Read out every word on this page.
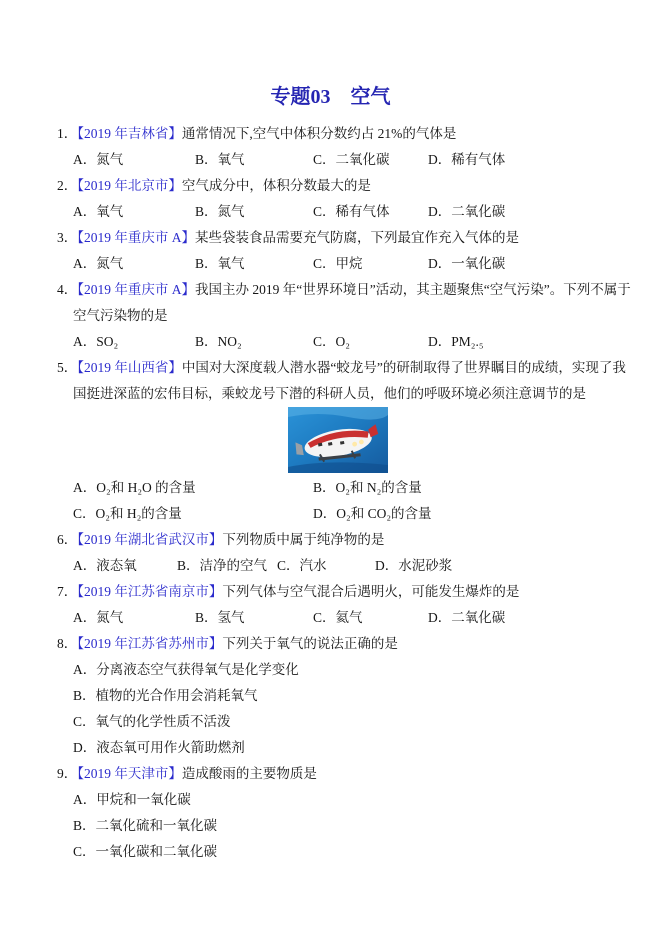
专题03    空气

1．【2019 年吉林省】通常情况下,空气中体积分数约占 21%的气体是

A．氮气	B．氧气	C．二氧化碳	D．稀有气体

2．【2019 年北京市】空气成分中，体积分数最大的是

A．氧气	B．氮气	C．稀有气体	D．二氧化碳

3．【2019 年重庆市 A】某些袋装食品需要充气防腐，下列最宜作充入气体的是

A．氮气	B．氧气	C．甲烷	D．一氧化碳

4．【2019 年重庆市 A】我国主办 2019 年“世界环境日”活动，其主题聚焦“空气污染”。下列不属于空气污染物的是

A．SO₂	B．NO₂	C．O₂	D．PM₂.₅

5．【2019 年山西省】中国对大深度载人潜水器“蛟龙号”的研制取得了世界瞩目的成绩，实现了我国挺进深蓝的宏伟目标，乘蛟龙号下潜的科研人员，他们的呼吸环境必须注意调节的是

A．O₂和 H₂O 的含量	B．O₂和 N₂的含量

C．O₂和 H₂的含量	D．O₂和 CO₂的含量

6．【2019 年湖北省武汉市】下列物质中属于纯净物的是

A．液态氧	B．洁净的空气 C．汽水	D．水泥砂浆

7．【2019 年江苏省南京市】下列气体与空气混合后遇明火，可能发生爆炸的是

A．氮气	B．氢气	C．氦气	D．二氧化碳

8．【2019 年江苏省苏州市】下列关于氧气的说法正确的是

A．分离液态空气获得氧气是化学变化

B．植物的光合作用会消耗氧气

C．氧气的化学性质不活泼

D．液态氧可用作火箭助燃剂

9．【2019 年天津市】造成酸雨的主要物质是

A．甲烷和一氧化碳

B．二氧化硫和一氧化碳

C．一氧化碳和二氧化碳
